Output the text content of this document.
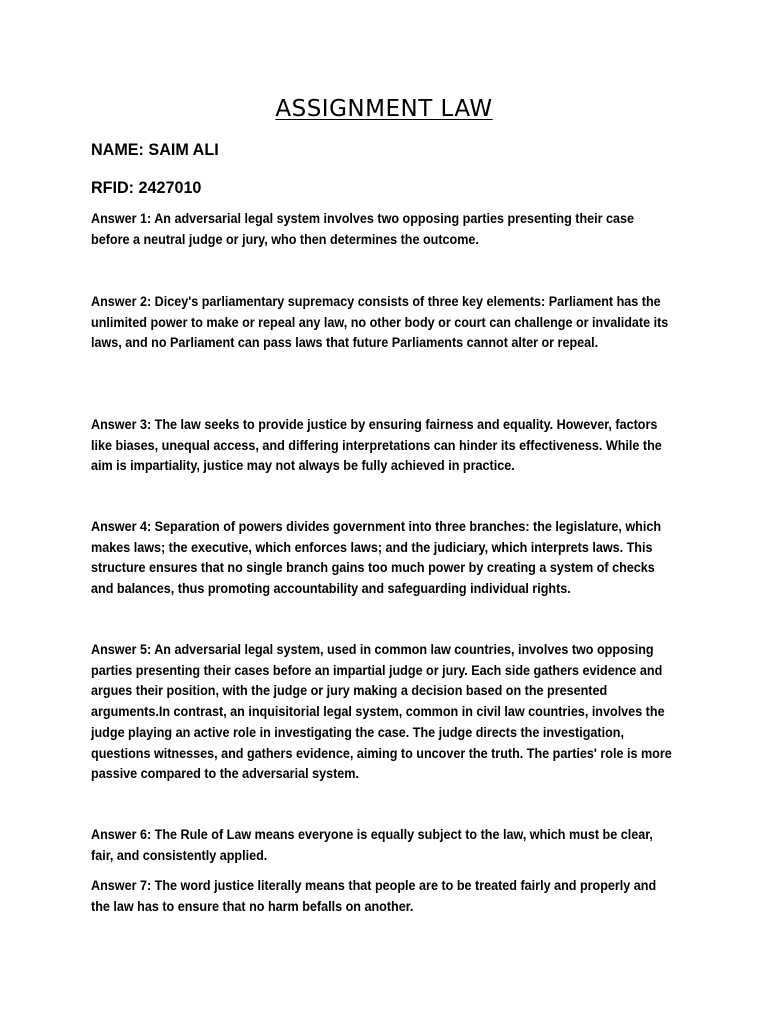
ASSIGNMENT LAW

NAME: SAIM ALI

RFID: 2427010

Answer 1: An adversarial legal system involves two opposing parties presenting their case before a neutral judge or jury, who then determines the outcome.

Answer 2: Dicey's parliamentary supremacy consists of three key elements: Parliament has the unlimited power to make or repeal any law, no other body or court can challenge or invalidate its laws, and no Parliament can pass laws that future Parliaments cannot alter or repeal.

Answer 3: The law seeks to provide justice by ensuring fairness and equality. However, factors like biases, unequal access, and differing interpretations can hinder its effectiveness. While the aim is impartiality, justice may not always be fully achieved in practice.

Answer 4: Separation of powers divides government into three branches: the legislature, which makes laws; the executive, which enforces laws; and the judiciary, which interprets laws. This structure ensures that no single branch gains too much power by creating a system of checks and balances, thus promoting accountability and safeguarding individual rights.

Answer 5: An adversarial legal system, used in common law countries, involves two opposing parties presenting their cases before an impartial judge or jury. Each side gathers evidence and argues their position, with the judge or jury making a decision based on the presented arguments.In contrast, an inquisitorial legal system, common in civil law countries, involves the judge playing an active role in investigating the case. The judge directs the investigation, questions witnesses, and gathers evidence, aiming to uncover the truth. The parties' role is more passive compared to the adversarial system.

Answer 6: The Rule of Law means everyone is equally subject to the law, which must be clear, fair, and consistently applied.

Answer 7: The word justice literally means that people are to be treated fairly and properly and the law has to ensure that no harm befalls on another.
